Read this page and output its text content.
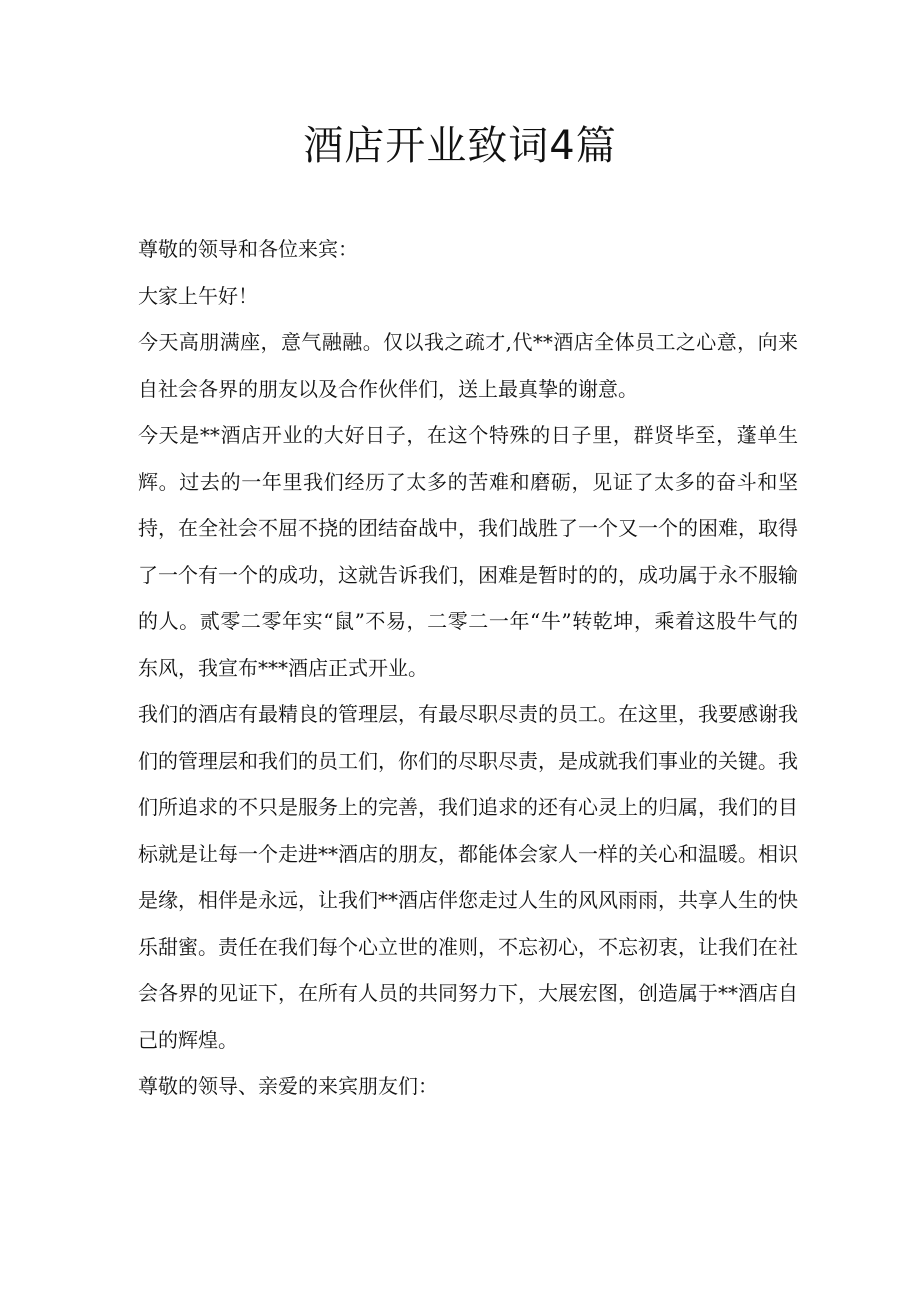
酒店开业致词4篇

尊敬的领导和各位来宾：

大家上午好！

今天高朋满座，意气融融。仅以我之疏才,代**酒店全体员工之心意，向来自社会各界的朋友以及合作伙伴们，送上最真挚的谢意。

今天是**酒店开业的大好日子，在这个特殊的日子里，群贤毕至，蓬单生辉。过去的一年里我们经历了太多的苦难和磨砺，见证了太多的奋斗和坚持，在全社会不屈不挠的团结奋战中，我们战胜了一个又一个的困难，取得了一个有一个的成功，这就告诉我们，困难是暂时的的，成功属于永不服输的人。贰零二零年实“鼠”不易，二零二一年“牛”转乾坤，乘着这股牛气的东风，我宣布***酒店正式开业。

我们的酒店有最精良的管理层，有最尽职尽责的员工。在这里，我要感谢我们的管理层和我们的员工们，你们的尽职尽责，是成就我们事业的关键。我们所追求的不只是服务上的完善，我们追求的还有心灵上的归属，我们的目标就是让每一个走进**酒店的朋友，都能体会家人一样的关心和温暖。相识是缘，相伴是永远，让我们**酒店伴您走过人生的风风雨雨，共享人生的快乐甜蜜。责任在我们每个心立世的准则，不忘初心，不忘初衷，让我们在社会各界的见证下，在所有人员的共同努力下，大展宏图，创造属于**酒店自己的辉煌。

尊敬的领导、亲爱的来宾朋友们：
